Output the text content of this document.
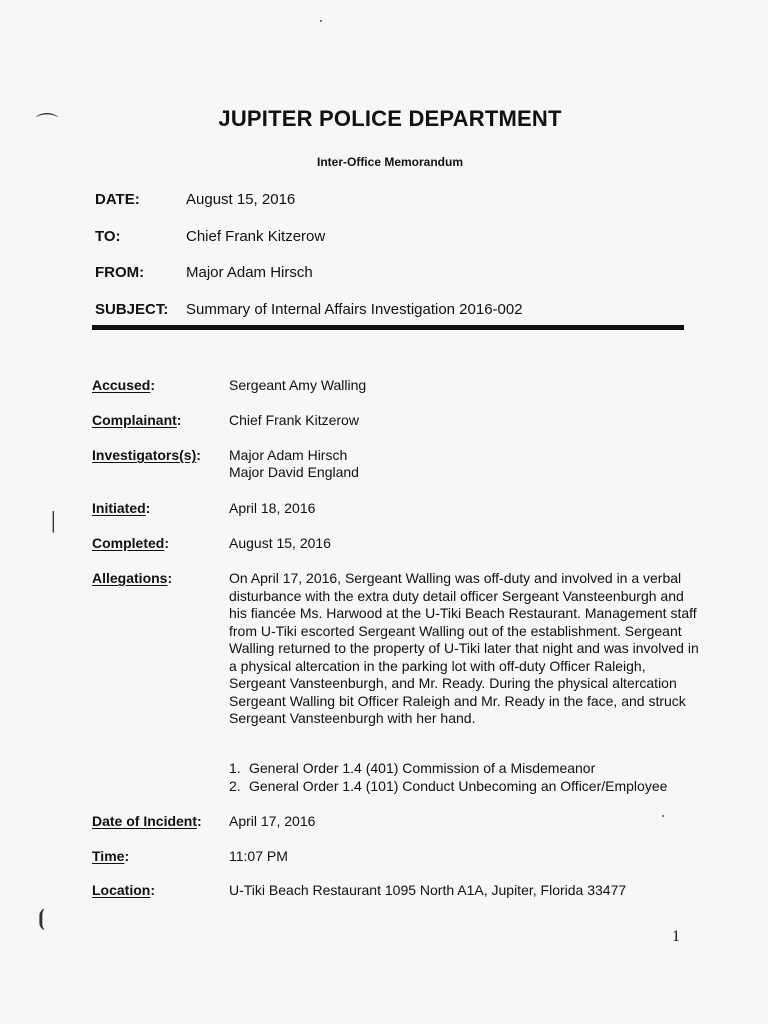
⌒
│
⦗
JUPITER POLICE DEPARTMENT
Inter-Office Memorandum
DATE:	August 15, 2016
TO:	Chief Frank Kitzerow
FROM:	Major Adam Hirsch
SUBJECT: Summary of Internal Affairs Investigation 2016-002
Accused:	Sergeant Amy Walling
Complainant:	Chief Frank Kitzerow
Investigators(s): Major Adam Hirsch
Major David England
Initiated:	April 18, 2016
Completed:	August 15, 2016
Allegations:	On April 17, 2016, Sergeant Walling was off-duty and involved in a verbal disturbance with the extra duty detail officer Sergeant Vansteenburgh and his fiancée Ms. Harwood at the U-Tiki Beach Restaurant. Management staff from U-Tiki escorted Sergeant Walling out of the establishment. Sergeant Walling returned to the property of U-Tiki later that night and was involved in a physical altercation in the parking lot with off-duty Officer Raleigh, Sergeant Vansteenburgh, and Mr. Ready. During the physical altercation Sergeant Walling bit Officer Raleigh and Mr. Ready in the face, and struck Sergeant Vansteenburgh with her hand.
1. General Order 1.4 (401) Commission of a Misdemeanor
2. General Order 1.4 (101) Conduct Unbecoming an Officer/Employee
Date of Incident: April 17, 2016
Time:	11:07 PM
Location:	U-Tiki Beach Restaurant 1095 North A1A, Jupiter, Florida 33477
1
